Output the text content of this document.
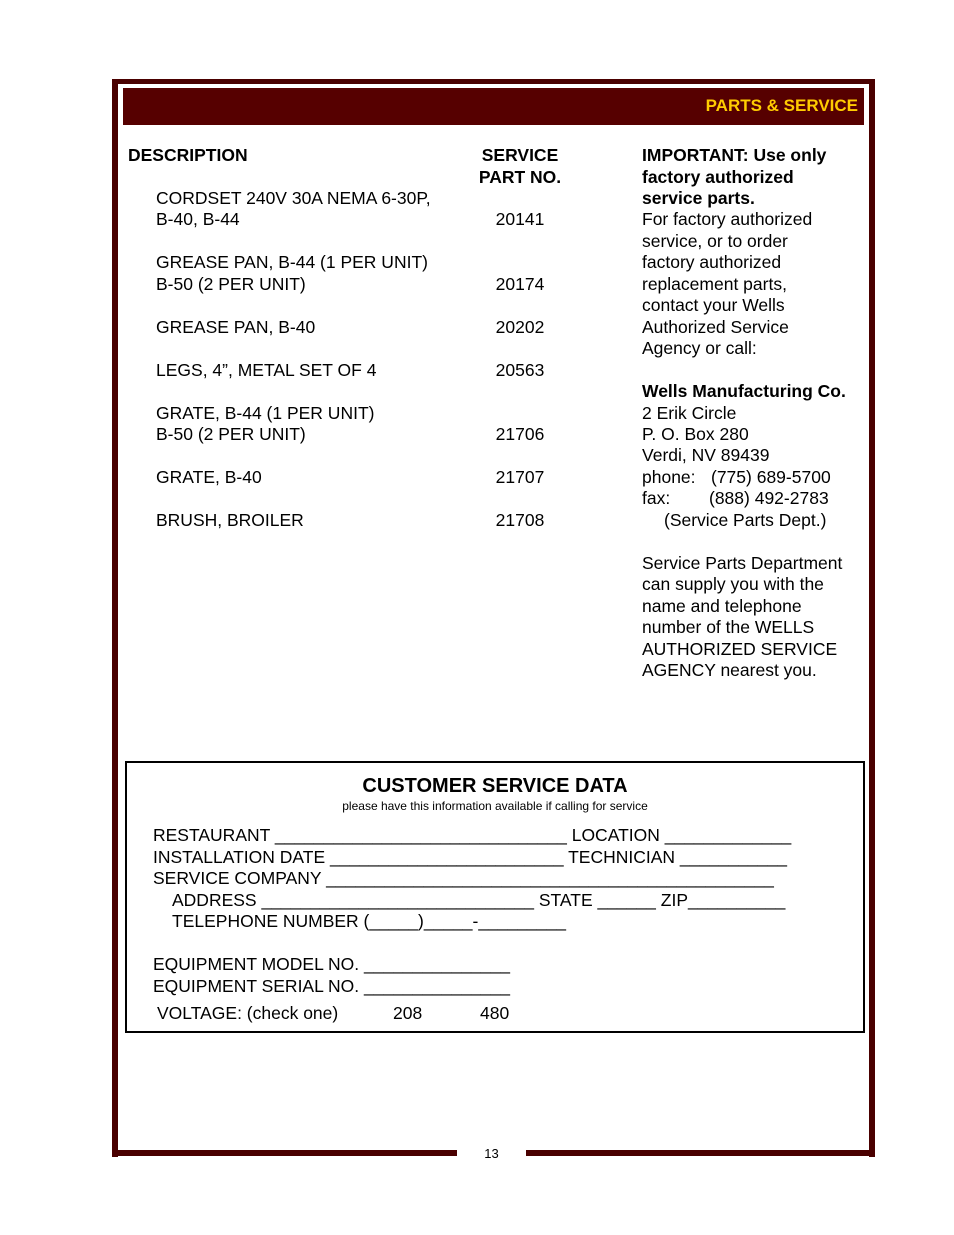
PARTS & SERVICE
DESCRIPTION	SERVICE
PART NO.
CORDSET 240V 30A NEMA 6-30P,
B-40, B-44	20141
GREASE PAN, B-44 (1 PER UNIT)
B-50 (2 PER UNIT)	20174
GREASE PAN, B-40	20202
LEGS, 4”, METAL SET OF 4	20563
GRATE, B-44 (1 PER UNIT)
B-50 (2 PER UNIT)	21706
GRATE, B-40	21707
BRUSH, BROILER	21708
IMPORTANT: Use only
factory authorized
service parts.
For factory authorized
service, or to order
factory authorized
replacement parts,
contact your Wells
Authorized Service
Agency or call:
Wells Manufacturing Co.
2 Erik Circle
P. O. Box 280
Verdi, NV 89439
phone: (775) 689-5700
fax: (888) 492-2783
(Service Parts Dept.)
Service Parts Department
can supply you with the
name and telephone
number of the WELLS
AUTHORIZED SERVICE
AGENCY nearest you.
CUSTOMER SERVICE DATA
please have this information available if calling for service
RESTAURANT ______________________________ LOCATION _____________
INSTALLATION DATE ________________________ TECHNICIAN ___________
SERVICE COMPANY ______________________________________________
ADDRESS ____________________________ STATE ______ ZIP__________
TELEPHONE NUMBER (_____)_____-_________
EQUIPMENT MODEL NO. _______________
EQUIPMENT SERIAL NO. _______________
VOLTAGE: (check one)	208	480
13
